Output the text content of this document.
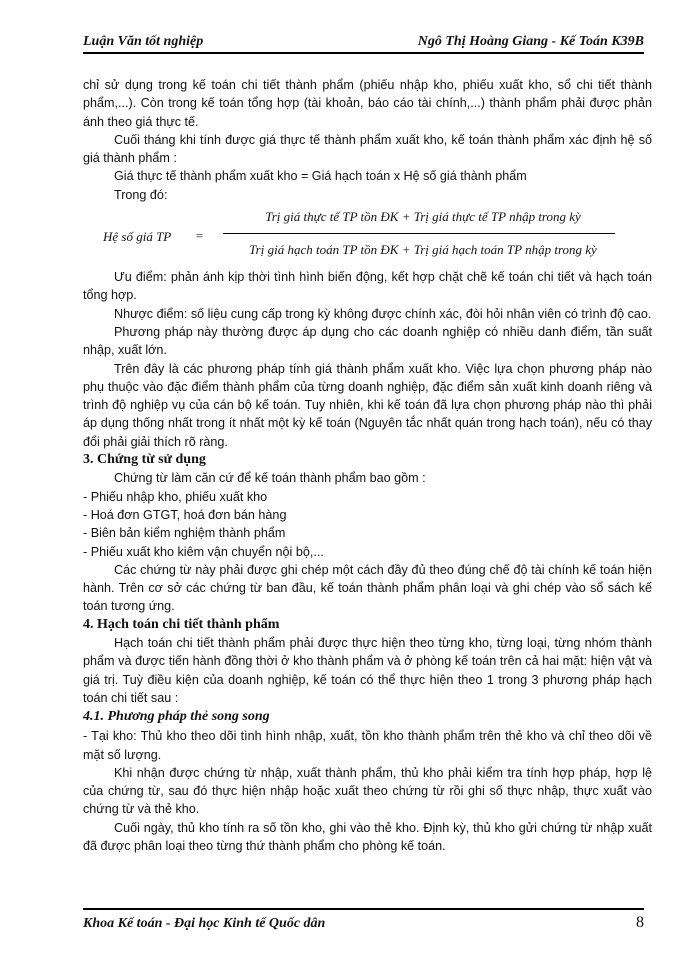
Luận Văn tốt nghiệp	Ngô Thị Hoàng Giang - Kế Toán K39B

chỉ sử dụng trong kế toán chi tiết thành phẩm (phiếu nhập kho, phiếu xuất kho, sổ chi tiết thành phẩm,...). Còn trong kế toán tổng hợp (tài khoản, báo cáo tài chính,...) thành phẩm phải được phản ánh theo giá thực tế.

Cuối tháng khi tính được giá thực tế thành phẩm xuất kho, kế toán thành phẩm xác định hệ số giá thành phẩm :

Giá thực tế thành phẩm xuất kho = Giá hạch toán x Hệ số giá thành phẩm

Trong đó:

Hệ số giá TP =
Trị giá thực tế TP tồn ĐK + Trị giá thực tế TP nhập trong kỳ
Trị giá hạch toán TP tồn ĐK + Trị giá hạch toán TP nhập trong kỳ

Ưu điểm: phản ánh kịp thời tình hình biến động, kết hợp chặt chẽ kế toán chi tiết và hạch toán tổng hợp.

Nhược điểm: số liệu cung cấp trong kỳ không được chính xác, đòi hỏi nhân viên có trình độ cao.

Phương pháp này thường được áp dụng cho các doanh nghiệp có nhiều danh điểm, tần suất nhập, xuất lớn.

Trên đây là các phương pháp tính giá thành phẩm xuất kho. Việc lựa chọn phương pháp nào phụ thuộc vào đặc điểm thành phẩm của từng doanh nghiệp, đặc điểm sản xuất kinh doanh riêng và trình độ nghiệp vụ của cán bộ kế toán. Tuy nhiên, khi kế toán đã lựa chọn phương pháp nào thì phải áp dụng thống nhất trong ít nhất một kỳ kế toán (Nguyên tắc nhất quán trong hạch toán), nếu có thay đổi phải giải thích rõ ràng.

3. Chứng từ sử dụng

Chứng từ làm căn cứ để kế toán thành phẩm bao gồm :

- Phiếu nhập kho, phiếu xuất kho

- Hoá đơn GTGT, hoá đơn bán hàng

- Biên bản kiểm nghiệm thành phẩm

- Phiếu xuất kho kiêm vận chuyển nội bộ,...

Các chứng từ này phải được ghi chép một cách đầy đủ theo đúng chế độ tài chính kế toán hiện hành. Trên cơ sở các chứng từ ban đầu, kế toán thành phẩm phân loại và ghi chép vào sổ sách kế toán tương ứng.

4. Hạch toán chi tiết thành phẩm

Hạch toán chi tiết thành phẩm phải được thực hiện theo từng kho, từng loại, từng nhóm thành phẩm và được tiến hành đồng thời ở kho thành phẩm và ở phòng kế toán trên cả hai mặt: hiện vật và giá trị. Tuỳ điều kiện của doanh nghiệp, kế toán có thể thực hiện theo 1 trong 3 phương pháp hạch toán chi tiết sau :

4.1. Phương pháp thẻ song song

- Tại kho: Thủ kho theo dõi tình hình nhập, xuất, tồn kho thành phẩm trên thẻ kho và chỉ theo dõi về mặt số lượng.

Khi nhận được chứng từ nhập, xuất thành phẩm, thủ kho phải kiểm tra tính hợp pháp, hợp lệ của chứng từ, sau đó thực hiện nhập hoặc xuất theo chứng từ rồi ghi số thực nhập, thực xuất vào chứng từ và thẻ kho.

Cuối ngày, thủ kho tính ra số tồn kho, ghi vào thẻ kho. Định kỳ, thủ kho gửi chứng từ nhập xuất đã được phân loại theo từng thứ thành phẩm cho phòng kế toán.

Khoa Kế toán - Đại học Kinh tế Quốc dân	8
